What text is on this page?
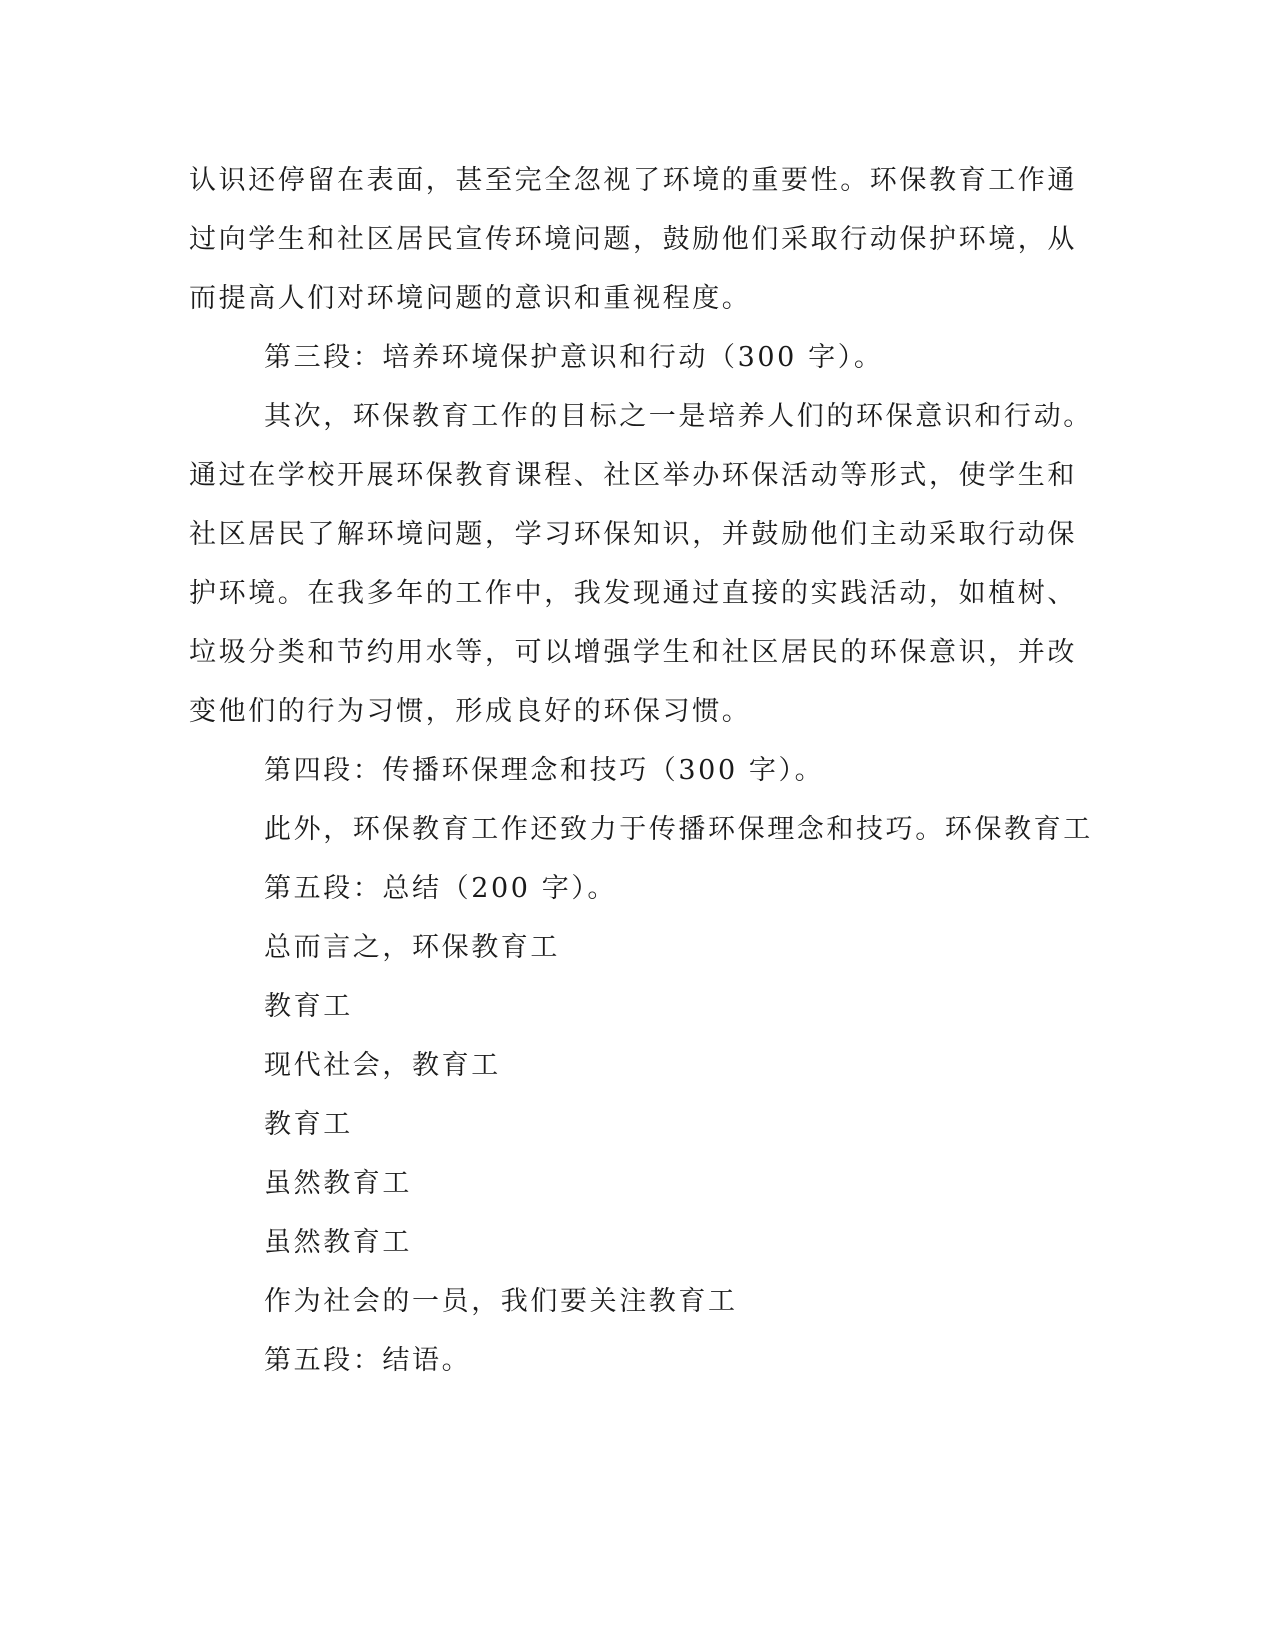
认识还停留在表面，甚至完全忽视了环境的重要性。环保教育工作通
过向学生和社区居民宣传环境问题，鼓励他们采取行动保护环境，从
而提高人们对环境问题的意识和重视程度。
第三段：培养环境保护意识和行动（300 字）。
其次，环保教育工作的目标之一是培养人们的环保意识和行动。
通过在学校开展环保教育课程、社区举办环保活动等形式，使学生和
社区居民了解环境问题，学习环保知识，并鼓励他们主动采取行动保
护环境。在我多年的工作中，我发现通过直接的实践活动，如植树、
垃圾分类和节约用水等，可以增强学生和社区居民的环保意识，并改
变他们的行为习惯，形成良好的环保习惯。
第四段：传播环保理念和技巧（300 字）。
此外，环保教育工作还致力于传播环保理念和技巧。环保教育工
第五段：总结（200 字）。
总而言之，环保教育工
教育工
现代社会，教育工
教育工
虽然教育工
虽然教育工
作为社会的一员，我们要关注教育工
第五段：结语。
